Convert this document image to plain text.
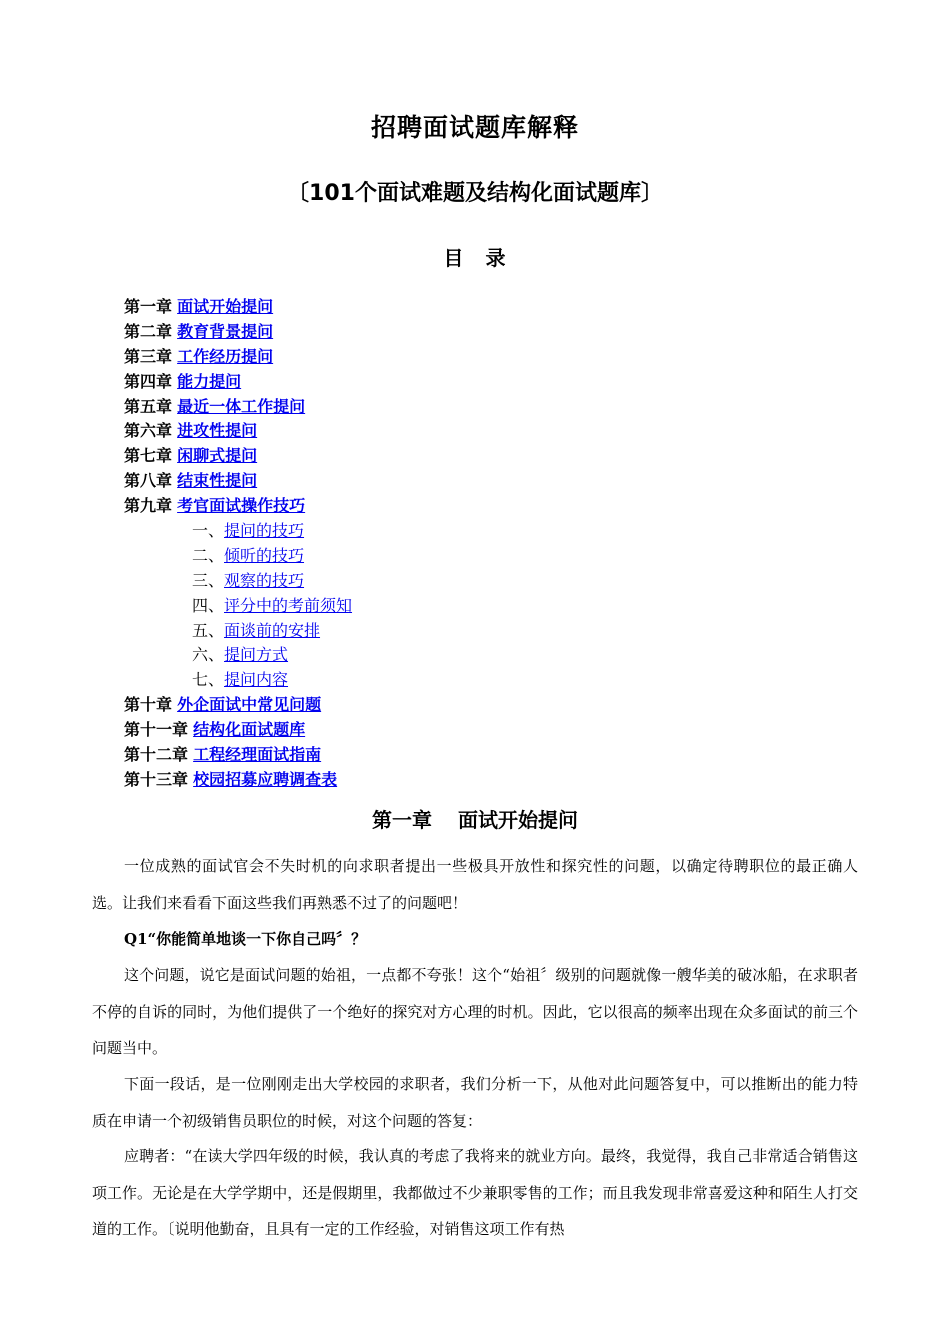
招聘面试题库解释
〔101个面试难题及结构化面试题库〕
目　录
第一章 面试开始提问
第二章 教育背景提问
第三章 工作经历提问
第四章 能力提问
第五章 最近一体工作提问
第六章 进攻性提问
第七章 闲聊式提问
第八章 结束性提问
第九章 考官面试操作技巧
一、提问的技巧
二、倾听的技巧
三、观察的技巧
四、评分中的考前须知
五、面谈前的安排
六、提问方式
七、提问内容
第十章 外企面试中常见问题
第十一章 结构化面试题库
第十二章 工程经理面试指南
第十三章 校园招募应聘调查表
第一章 面试开始提问

一位成熟的面试官会不失时机的向求职者提出一些极具开放性和探究性的问题，以确定待聘职位的最正确人选。让我们来看看下面这些我们再熟悉不过了的问题吧！

Q1“你能简单地谈一下你自己吗〞？

这个问题，说它是面试问题的始祖，一点都不夸张！这个“始祖〞级别的问题就像一艘华美的破冰船，在求职者不停的自诉的同时，为他们提供了一个绝好的探究对方心理的时机。因此，它以很高的频率出现在众多面试的前三个问题当中。

下面一段话，是一位刚刚走出大学校园的求职者，我们分析一下，从他对此问题答复中，可以推断出的能力特质在申请一个初级销售员职位的时候，对这个问题的答复：

应聘者：“在读大学四年级的时候，我认真的考虑了我将来的就业方向。最终，我觉得，我自己非常适合销售这项工作。无论是在大学学期中，还是假期里，我都做过不少兼职零售的工作；而且我发现非常喜爱这种和陌生人打交道的工作。〔说明他勤奋，且具有一定的工作经验，对销售这项工作有热
